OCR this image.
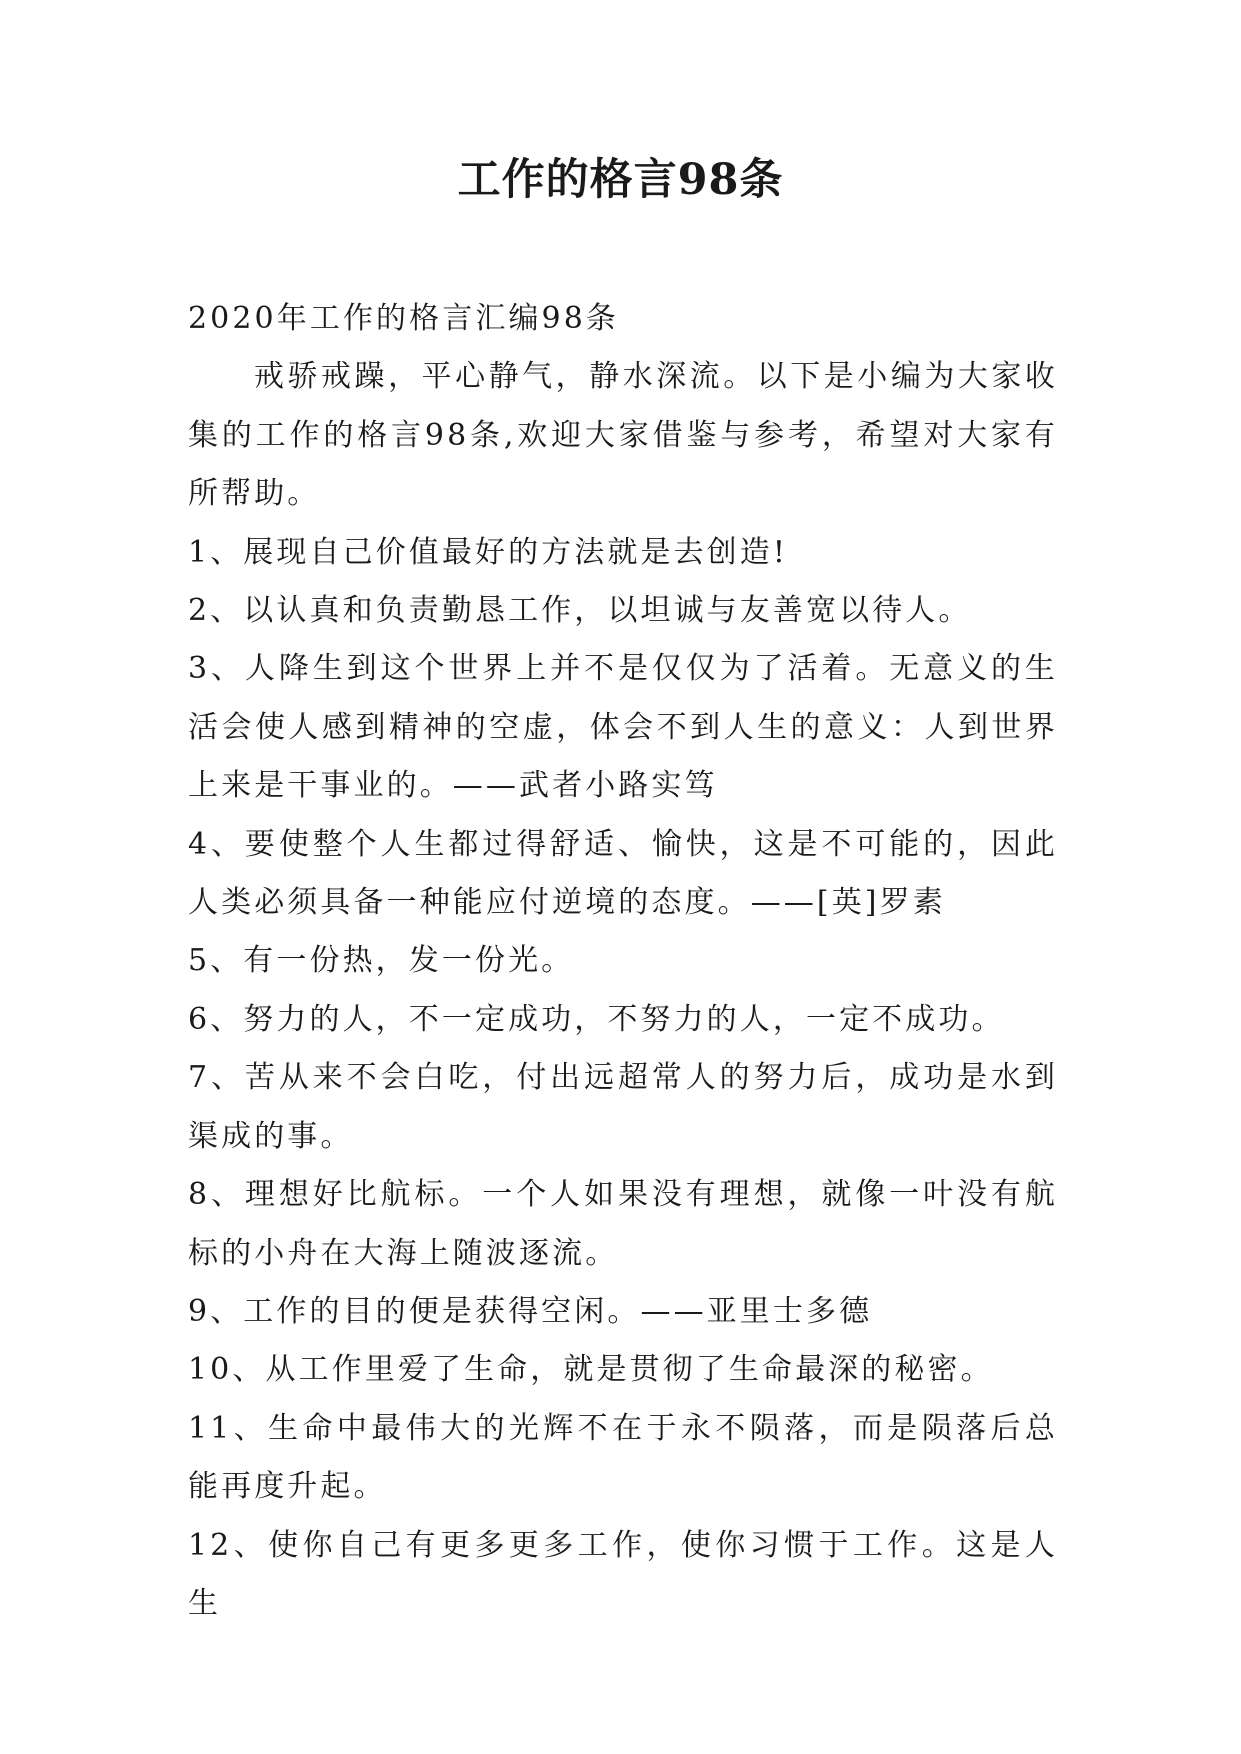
工作的格言98条

2020年工作的格言汇编98条

戒骄戒躁，平心静气，静水深流。以下是小编为大家收集的工作的格言98条,欢迎大家借鉴与参考，希望对大家有所帮助。

1、展现自己价值最好的方法就是去创造!

2、以认真和负责勤恳工作，以坦诚与友善宽以待人。

3、人降生到这个世界上并不是仅仅为了活着。无意义的生活会使人感到精神的空虚，体会不到人生的意义：人到世界上来是干事业的。——武者小路实笃

4、要使整个人生都过得舒适、愉快，这是不可能的，因此人类必须具备一种能应付逆境的态度。——[英]罗素

5、有一份热，发一份光。

6、努力的人，不一定成功，不努力的人，一定不成功。

7、苦从来不会白吃，付出远超常人的努力后，成功是水到渠成的事。

8、理想好比航标。一个人如果没有理想，就像一叶没有航标的小舟在大海上随波逐流。

9、工作的目的便是获得空闲。——亚里士多德

10、从工作里爱了生命，就是贯彻了生命最深的秘密。

11、生命中最伟大的光辉不在于永不陨落，而是陨落后总能再度升起。

12、使你自己有更多更多工作，使你习惯于工作。这是人生
